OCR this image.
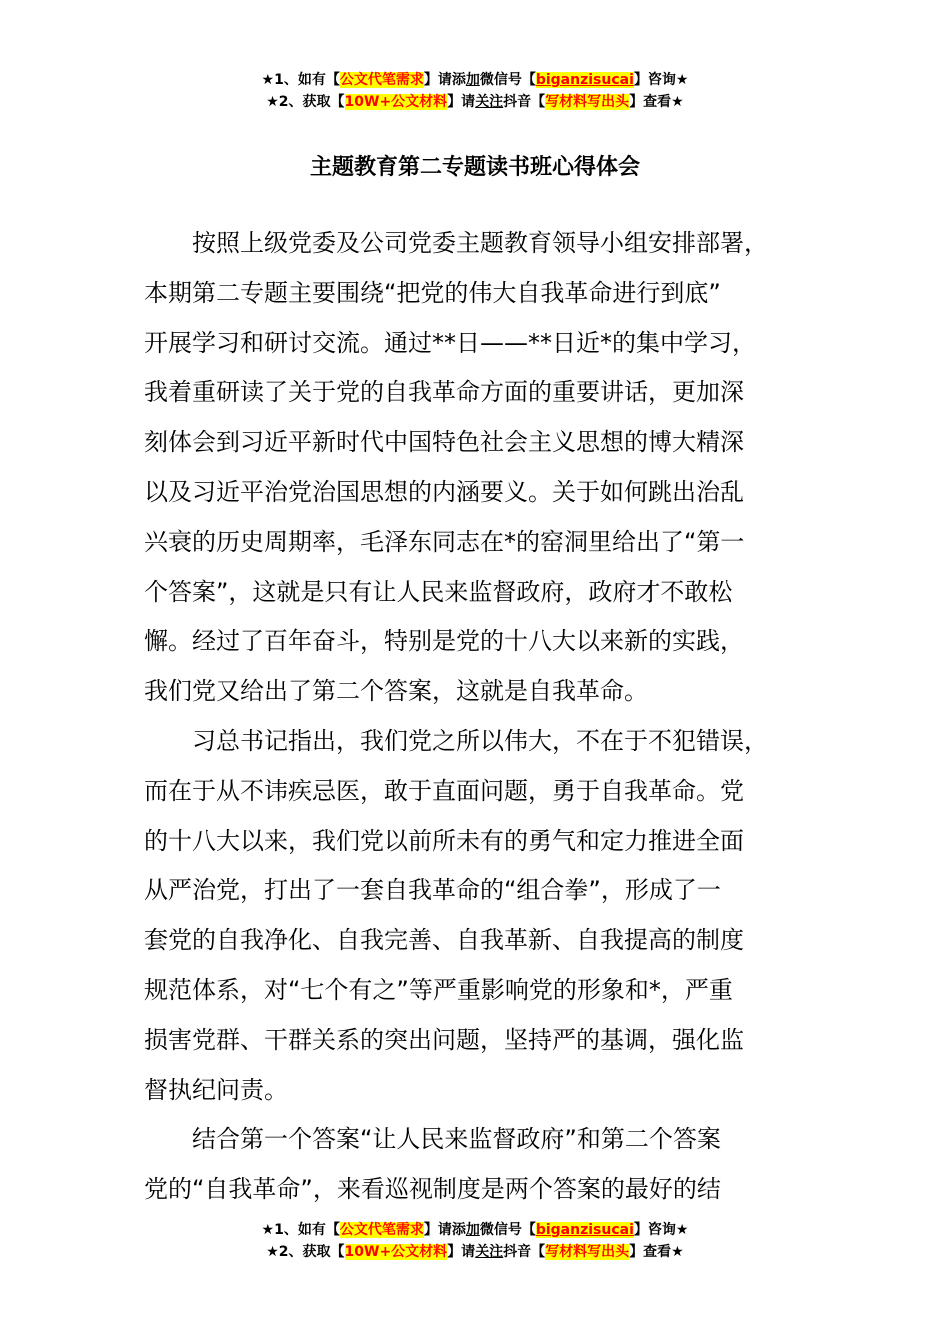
★1、如有【公文代笔需求】请添加微信号【biganzisucai】咨询★
★2、获取【10W+公文材料】请关注抖音【写材料写出头】查看★
主题教育第二专题读书班心得体会
按照上级党委及公司党委主题教育领导小组安排部署，
本期第二专题主要围绕“把党的伟大自我革命进行到底”
开展学习和研讨交流。通过**日——**日近*的集中学习，
我着重研读了关于党的自我革命方面的重要讲话，更加深
刻体会到习近平新时代中国特色社会主义思想的博大精深
以及习近平治党治国思想的内涵要义。关于如何跳出治乱
兴衰的历史周期率，毛泽东同志在*的窑洞里给出了“第一
个答案”，这就是只有让人民来监督政府，政府才不敢松
懈。经过了百年奋斗，特别是党的十八大以来新的实践，
我们党又给出了第二个答案，这就是自我革命。
习总书记指出，我们党之所以伟大，不在于不犯错误，
而在于从不讳疾忌医，敢于直面问题，勇于自我革命。党
的十八大以来，我们党以前所未有的勇气和定力推进全面
从严治党，打出了一套自我革命的“组合拳”，形成了一
套党的自我净化、自我完善、自我革新、自我提高的制度
规范体系，对“七个有之”等严重影响党的形象和*，严重
损害党群、干群关系的突出问题，坚持严的基调，强化监
督执纪问责。
结合第一个答案“让人民来监督政府”和第二个答案
党的“自我革命”，来看巡视制度是两个答案的最好的结
★1、如有【公文代笔需求】请添加微信号【biganzisucai】咨询★
★2、获取【10W+公文材料】请关注抖音【写材料写出头】查看★
